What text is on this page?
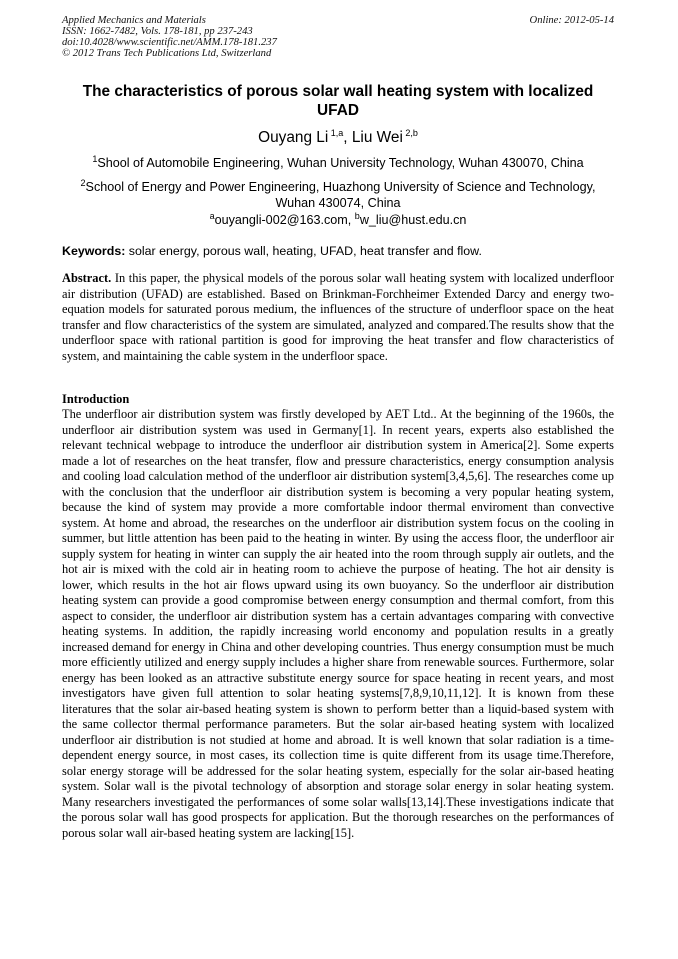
Applied Mechanics and Materials
ISSN: 1662-7482, Vols. 178-181, pp 237-243
doi:10.4028/www.scientific.net/AMM.178-181.237
© 2012 Trans Tech Publications Ltd, Switzerland
Online: 2012-05-14
The characteristics of porous solar wall heating system with localized UFAD
Ouyang Li $^{1,a}$, Liu Wei $^{2,b}$
$^1$Shool of Automobile Engineering, Wuhan University Technology, Wuhan 430070, China
$^2$School of Energy and Power Engineering, Huazhong University of Science and Technology, Wuhan 430074, China
$^a$ouyangli-002@163.com, $^b$w_liu@hust.edu.cn
Keywords: solar energy, porous wall, heating, UFAD, heat transfer and flow.
Abstract. In this paper, the physical models of the porous solar wall heating system with localized underfloor air distribution (UFAD) are established. Based on Brinkman-Forchheimer Extended Darcy and energy two-equation models for saturated porous medium, the influences of the structure of underfloor space on the heat transfer and flow characteristics of the system are simulated, analyzed and compared.The results show that the underfloor space with rational partition is good for improving the heat transfer and flow characteristics of system, and maintaining the cable system in the underfloor space.
Introduction
The underfloor air distribution system was firstly developed by AET Ltd.. At the beginning of the 1960s, the underfloor air distribution system was used in Germany[1]. In recent years, experts also established the relevant technical webpage to introduce the underfloor air distribution system in America[2]. Some experts made a lot of researches on the heat transfer, flow and pressure characteristics, energy consumption analysis and cooling load calculation method of the underfloor air distribution system[3,4,5,6]. The researches come up with the conclusion that the underfloor air distribution system is becoming a very popular heating system, because the kind of system may provide a more comfortable indoor thermal enviroment than convective system. At home and abroad, the researches on the underfloor air distribution system focus on the cooling in summer, but little attention has been paid to the heating in winter. By using the access floor, the underfloor air supply system for heating in winter can supply the air heated into the room through supply air outlets, and the hot air is mixed with the cold air in heating room to achieve the purpose of heating. The hot air density is lower, which results in the hot air flows upward using its own buoyancy. So the underfloor air distribution heating system can provide a good compromise between energy consumption and thermal comfort, from this aspect to consider, the underfloor air distribution system has a certain advantages comparing with convective heating systems. In addition, the rapidly increasing world enconomy and population results in a greatly increased demand for energy in China and other developing countries. Thus energy consumption must be much more efficiently utilized and energy supply includes a higher share from renewable sources. Furthermore, solar energy has been looked as an attractive substitute energy source for space heating in recent years, and most investigators have given full attention to solar heating systems[7,8,9,10,11,12]. It is known from these literatures that the solar air-based heating system is shown to perform better than a liquid-based system with the same collector thermal performance parameters. But the solar air-based heating system with localized underfloor air distribution is not studied at home and abroad. It is well known that solar radiation is a time-dependent energy source, in most cases, its collection time is quite different from its usage time.Therefore, solar energy storage will be addressed for the solar heating system, especially for the solar air-based heating system. Solar wall is the pivotal technology of absorption and storage solar energy in solar heating system. Many researchers investigated the performances of some solar walls[13,14].These investigations indicate that the porous solar wall has good prospects for application. But the thorough researches on the performances of porous solar wall air-based heating system are lacking[15].
